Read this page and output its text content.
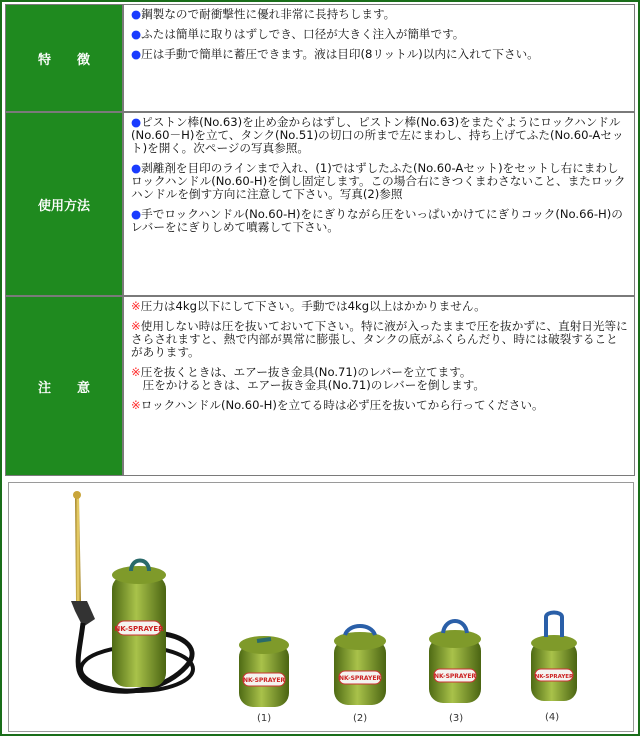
特　　徴	●鋼製なので耐衝撃性に優れ非常に長持ちします。

●ふたは簡単に取りはずしでき、口径が大きく注入が簡単です。

●圧は手動で簡単に蓄圧できます。液は目印(8リットル)以内に入れて下さい。

使用方法	●ピストン棒(No.63)を止め金からはずし、ピストン棒(No.63)をまたぐようにロックハンドル(No.60－H)を立て、タンク(No.51)の切口の所まで左にまわし、持ち上げてふた(No.60-Aセット)を開く。次ページの写真参照。

●剥離剤を目印のラインまで入れ、(1)ではずしたふた(No.60-Aセット)をセットし右にまわしロックハンドル(No.60-H)を倒し固定します。この場合右にきつくまわさないこと、またロックハンドルを倒す方向に注意して下さい。写真(2)参照

●手でロックハンドル(No.60-H)をにぎりながら圧をいっぱいかけてにぎりコック(No.66-H)のレバーをにぎりしめて噴霧して下さい。

注　　意	※圧力は4kg以下にして下さい。手動では4kg以上はかかりません。

※使用しない時は圧を抜いておいて下さい。特に液が入ったままで圧を抜かずに、直射日光等にさらされますと、熱で内部が異常に膨張し、タンクの底がふくらんだり、時には破裂することがあります。

※圧を抜くときは、エアー抜き金具(No.71)のレバーを立てます。
　圧をかけるときは、エアー抜き金具(No.71)のレバーを倒します。

※ロックハンドル(No.60-H)を立てる時は必ず圧を抜いてから行ってください。

NK-SPRAYER
NK-SPRAYER	NK-SPRAYER	NK-SPRAYER	NK-SPRAYER
(1)	(2)	(3)	(4)
